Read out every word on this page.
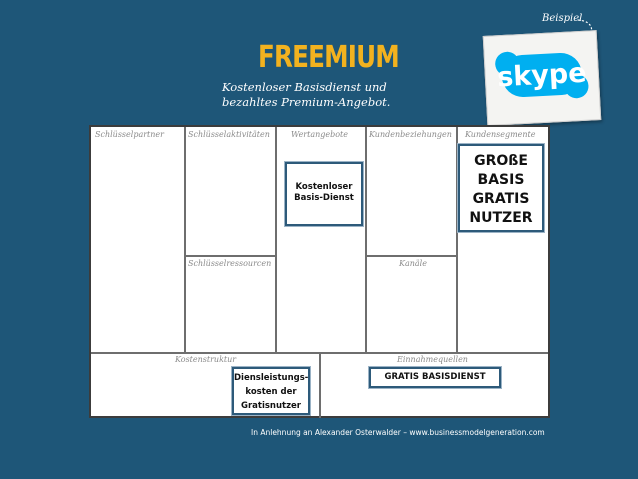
FREEMIUM
Kostenloser Basisdienst und
bezahltes Premium-Angebot.
Beispiel
skype
Schlüsselpartner	Schlüsselaktivitäten	Wertangebote	Kundenbeziehungen Kundensegmente
Schlüsselressourcen	Kanäle
Kostenstruktur	Einnahmequellen
Kostenloser
Basis-Dienst
GROßE
BASIS
GRATIS
NUTZER
Diensleistungs-
kosten der
Gratisnutzer
GRATIS BASISDIENST
In Anlehnung an Alexander Osterwalder – www.businessmodelgeneration.com
